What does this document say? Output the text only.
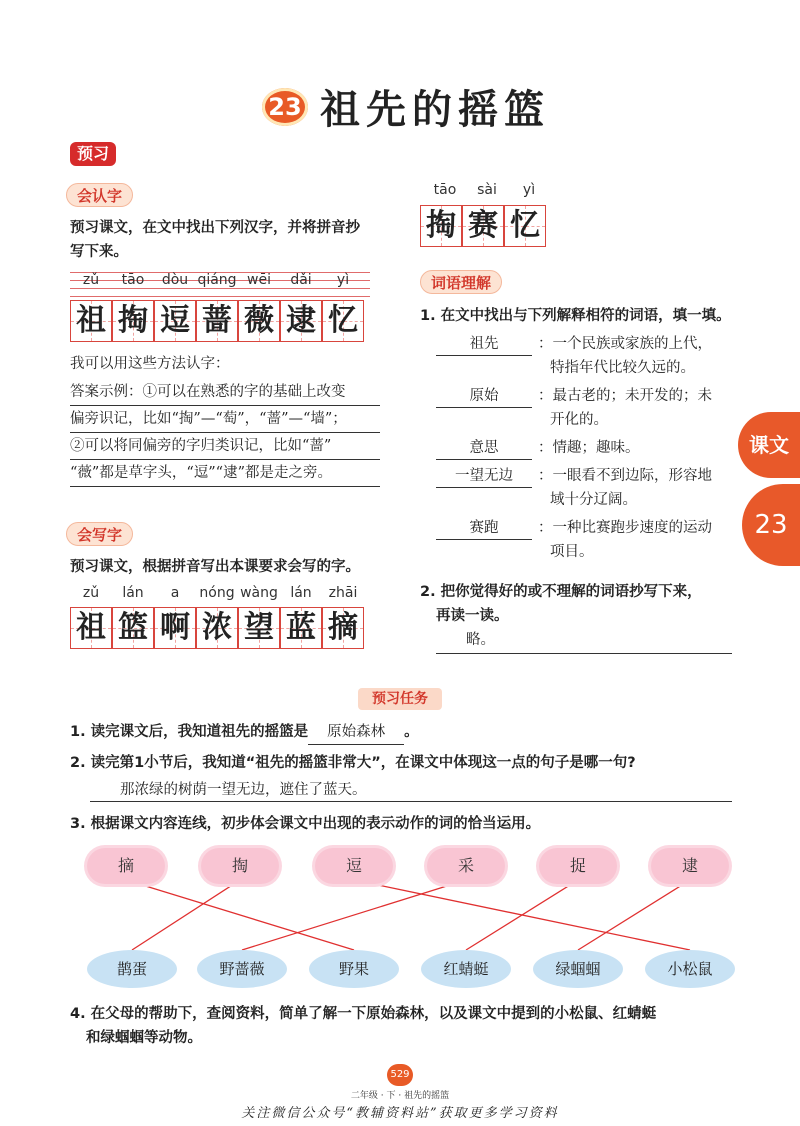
23 祖先的摇篮
预习
会认字
预习课文，在文中找出下列汉字，并将拼音抄写下来。
zǔ	tāo	dòu qiáng wēi	dǎi	yì
祖 掏 逗 蔷 薇 逮 忆
我可以用这些方法认字：
答案示例：①可以在熟悉的字的基础上改变
偏旁识记，比如“掏”—“萄”，“蔷”—“墙”；
②可以将同偏旁的字归类识记，比如“蔷”
“薇”都是草字头，“逗”“逮”都是走之旁。
会写字
预习课文，根据拼音写出本课要求会写的字。
zǔ	lán	a	nóng wàng lán	zhāi
祖 篮 啊 浓 望 蓝 摘
tāo	sài	yì
掏 赛 忆
词语理解
1. 在文中找出与下列解释相符的词语，填一填。
祖先	：一个民族或家族的上代，
特指年代比较久远的。
原始	：最古老的；未开发的；未
开化的。
意思	：情趣；趣味。
一望无边	：一眼看不到边际，形容地
域十分辽阔。
赛跑	：一种比赛跑步速度的运动
项目。
2. 把你觉得好的或不理解的词语抄写下来，
再读一读。
略。
课文
23
预习任务
1. 读完课文后，我知道祖先的摇篮是 原始森林 。
2. 读完第1小节后，我知道“祖先的摇篮非常大”，在课文中体现这一点的句子是哪一句?
那浓绿的树荫一望无边，遮住了蓝天。
3. 根据课文内容连线，初步体会课文中出现的表示动作的词的恰当运用。
摘	掏	逗	采	捉	逮
鹊蛋	野蔷薇	野果	红蜻蜓	绿蝈蝈	小松鼠
4. 在父母的帮助下，查阅资料，简单了解一下原始森林，以及课文中提到的小松鼠、红蜻蜓
和绿蝈蝈等动物。
529
二年级 · 下 · 祖先的摇篮
关注微信公众号“教辅资料站”获取更多学习资料
